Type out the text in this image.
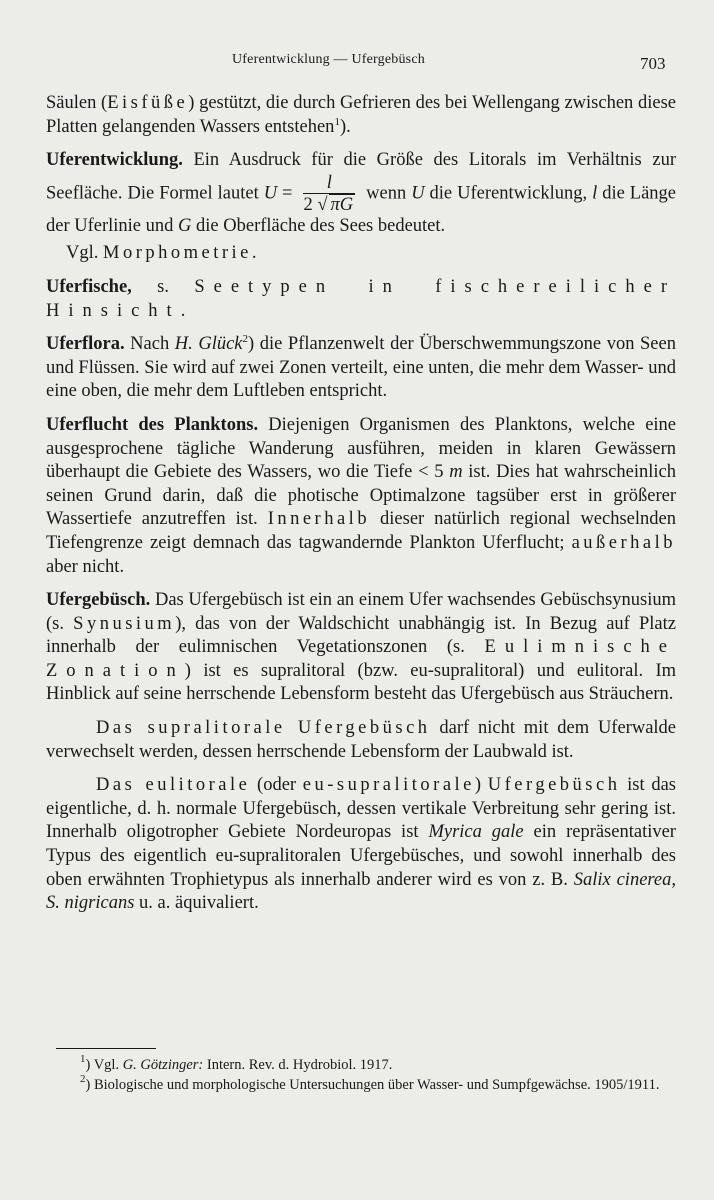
Uferentwicklung — Ufergebüsch	703

Säulen (Eisfüße) gestützt, die durch Gefrieren des bei Wellengang zwischen diese Platten gelangenden Wassers entstehen$^1$).

Uferentwicklung. Ein Ausdruck für die Größe des Litorals im Verhältnis zur Seefläche. Die Formel lautet $U = \frac{l}{2 √ \pi G}$ wenn U die Uferentwicklung, l die Länge der Uferlinie und G die Oberfläche des Sees bedeutet.

Vgl. Morphometrie.

Uferfische, s. Seetypen in fischereilicher Hinsicht.

Uferflora. Nach H. Glück$^2$) die Pflanzenwelt der Überschwemmungszone von Seen und Flüssen. Sie wird auf zwei Zonen verteilt, eine unten, die mehr dem Wasser- und eine oben, die mehr dem Luftleben entspricht.

Uferflucht des Planktons. Diejenigen Organismen des Planktons, welche eine ausgesprochene tägliche Wanderung ausführen, meiden in klaren Gewässern überhaupt die Gebiete des Wassers, wo die Tiefe < 5 m ist. Dies hat wahrscheinlich seinen Grund darin, daß die photische Optimalzone tagsüber erst in größerer Wassertiefe anzutreffen ist. Innerhalb dieser natürlich regional wechselnden Tiefengrenze zeigt demnach das tagwandernde Plankton Uferflucht; außerhalb aber nicht.

Ufergebüsch. Das Ufergebüsch ist ein an einem Ufer wachsendes Gebüschsynusium (s. Synusium), das von der Waldschicht unabhängig ist. In Bezug auf Platz innerhalb der eulimnischen Vegetationszonen (s. Eulimnische Zonation) ist es supralitoral (bzw. eu-supralitoral) und eulitoral. Im Hinblick auf seine herrschende Lebensform besteht das Ufergebüsch aus Sträuchern.

Das supralitorale Ufergebüsch darf nicht mit dem Uferwalde verwechselt werden, dessen herrschende Lebensform der Laubwald ist.

Das eulitorale (oder eu-supralitorale) Ufergebüsch ist das eigentliche, d. h. normale Ufergebüsch, dessen vertikale Verbreitung sehr gering ist. Innerhalb oligotropher Gebiete Nordeuropas ist Myrica gale ein repräsentativer Typus des eigentlich eu-supralitoralen Ufergebüsches, und sowohl innerhalb des oben erwähnten Trophietypus als innerhalb anderer wird es von z. B. Salix cinerea, S. nigricans u. a. äquivaliert.

$^1$) Vgl. G. Götzinger: Intern. Rev. d. Hydrobiol. 1917.

$^2$) Biologische und morphologische Untersuchungen über Wasser- und Sumpfgewächse. 1905/1911.
